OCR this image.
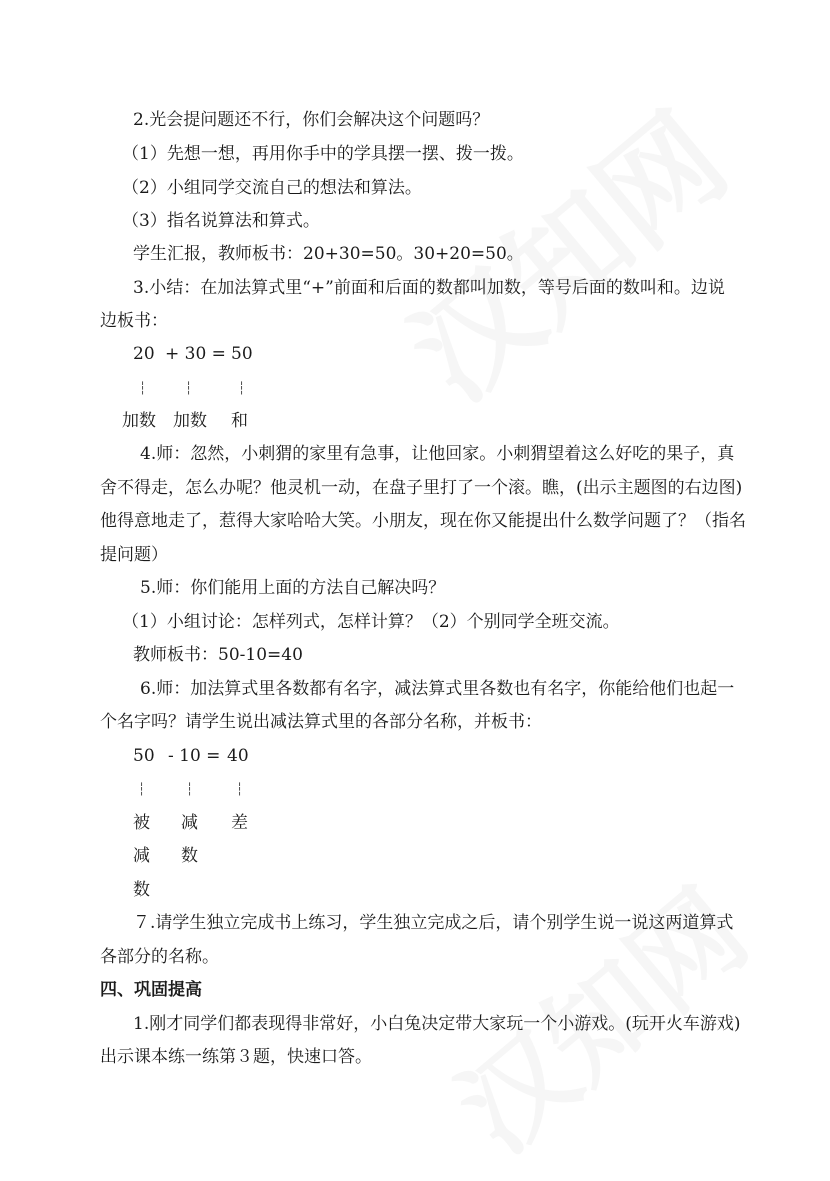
2.光会提问题还不行，你们会解决这个问题吗？
（1）先想一想，再用你手中的学具摆一摆、拨一拨。
（2）小组同学交流自己的想法和算法。
（3）指名说算法和算式。
学生汇报，教师板书：20+30=50。30+20=50。
3.小结：在加法算式里“+”前面和后面的数都叫加数，等号后面的数叫和。边说
边板书：
20 + 30 = 50
┆	┆	┆
加数 加数 和
4.师：忽然，小刺猬的家里有急事，让他回家。小刺猬望着这么好吃的果子，真
舍不得走，怎么办呢？他灵机一动，在盘子里打了一个滚。瞧，(出示主题图的右边图)
他得意地走了，惹得大家哈哈大笑。小朋友，现在你又能提出什么数学问题了？（指名
提问题）
5.师：你们能用上面的方法自己解决吗？
（1）小组讨论：怎样列式，怎样计算？（2）个别同学全班交流。
教师板书：50-10=40
6.师：加法算式里各数都有名字，减法算式里各数也有名字，你能给他们也起一
个名字吗？请学生说出减法算式里的各部分名称，并板书：
50 - 10 = 40
┆	┆	┆
被 减 差
减 数
数
７.请学生独立完成书上练习，学生独立完成之后，请个别学生说一说这两道算式
各部分的名称。
四、巩固提高
1.刚才同学们都表现得非常好，小白兔决定带大家玩一个小游戏。(玩开火车游戏)
出示课本练一练第３题，快速口答。
